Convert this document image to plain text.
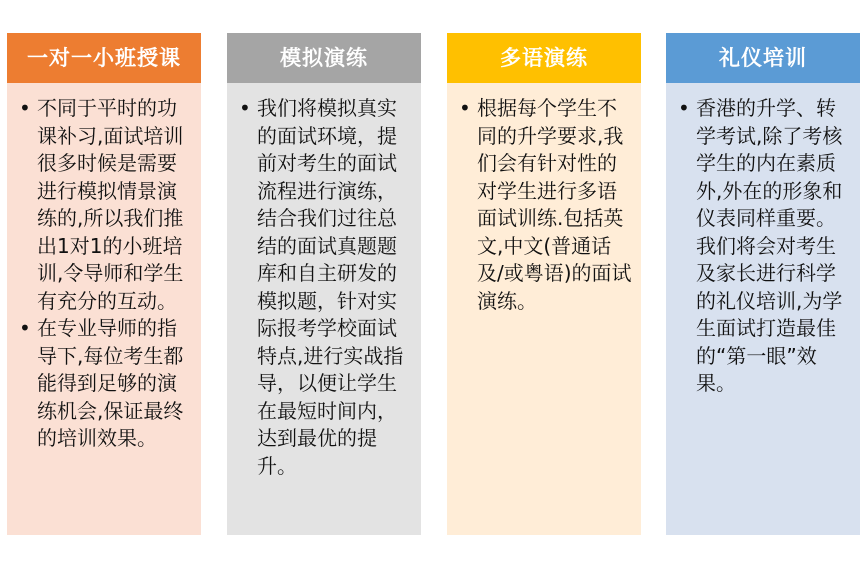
一对一小班授课
• 不同于平时的功课补习,面试培训很多时候是需要进行模拟情景演练的,所以我们推出1对1的小班培训,令导师和学生有充分的互动。
• 在专业导师的指导下,每位考生都能得到足够的演练机会,保证最终的培训效果。
模拟演练
• 我们将模拟真实的面试环境，提前对考生的面试流程进行演练，结合我们过往总结的面试真题题库和自主研发的模拟题，针对实际报考学校面试特点,进行实战指导，以便让学生在最短时间内，达到最优的提升。
多语演练
• 根据每个学生不同的升学要求,我们会有针对性的对学生进行多语面试训练.包括英文,中文(普通话及/或粤语)的面试演练。
礼仪培训
• 香港的升学、转学考试,除了考核学生的内在素质外,外在的形象和仪表同样重要。我们将会对考生及家长进行科学的礼仪培训,为学生面试打造最佳的“第一眼”效果。
